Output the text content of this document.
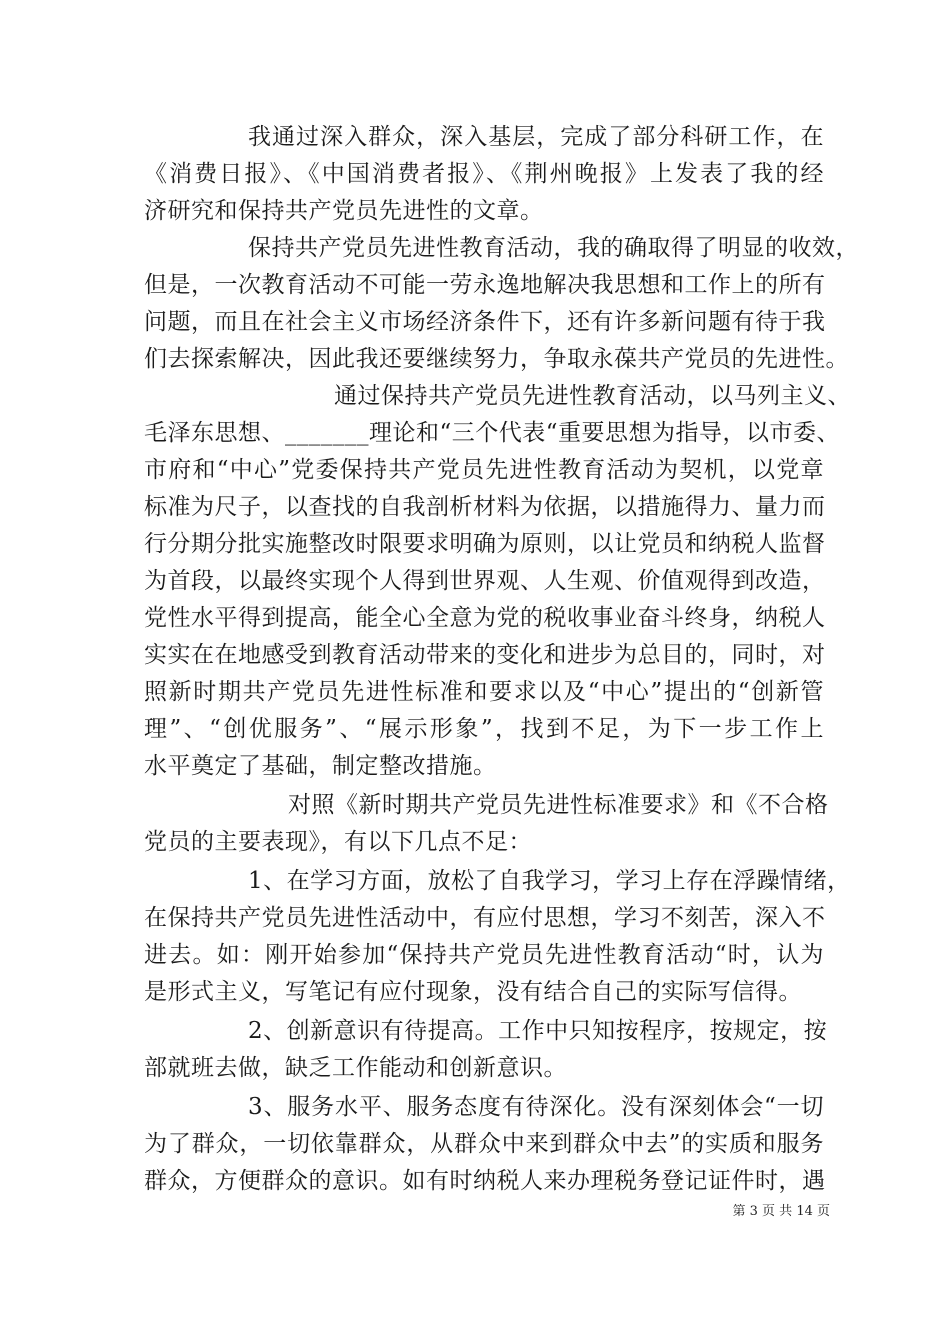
我通过深入群众，深入基层，完成了部分科研工作，在
《消费日报》、《中国消费者报》、《荆州晚报》上发表了我的经
济研究和保持共产党员先进性的文章。
保持共产党员先进性教育活动，我的确取得了明显的收效，
但是，一次教育活动不可能一劳永逸地解决我思想和工作上的所有
问题，而且在社会主义市场经济条件下，还有许多新问题有待于我
们去探索解决，因此我还要继续努力，争取永葆共产党员的先进性。
通过保持共产党员先进性教育活动，以马列主义、
毛泽东思想、_______理论和“三个代表“重要思想为指导，以市委、
市府和“中心”党委保持共产党员先进性教育活动为契机，以党章
标准为尺子，以查找的自我剖析材料为依据，以措施得力、量力而
行分期分批实施整改时限要求明确为原则，以让党员和纳税人监督
为首段，以最终实现个人得到世界观、人生观、价值观得到改造，
党性水平得到提高，能全心全意为党的税收事业奋斗终身，纳税人
实实在在地感受到教育活动带来的变化和进步为总目的，同时，对
照新时期共产党员先进性标准和要求以及“中心”提出的“创新管
理”、“创优服务”、“展示形象”，找到不足，为下一步工作上
水平奠定了基础，制定整改措施。
对照《新时期共产党员先进性标准要求》和《不合格
党员的主要表现》，有以下几点不足：
1、在学习方面，放松了自我学习，学习上存在浮躁情绪，
在保持共产党员先进性活动中，有应付思想，学习不刻苦，深入不
进去。如：刚开始参加“保持共产党员先进性教育活动“时，认为
是形式主义，写笔记有应付现象，没有结合自己的实际写信得。
2、创新意识有待提高。工作中只知按程序，按规定，按
部就班去做，缺乏工作能动和创新意识。
3、服务水平、服务态度有待深化。没有深刻体会“一切
为了群众，一切依靠群众，从群众中来到群众中去”的实质和服务
群众，方便群众的意识。如有时纳税人来办理税务登记证件时，遇
第 3 页 共 14 页
